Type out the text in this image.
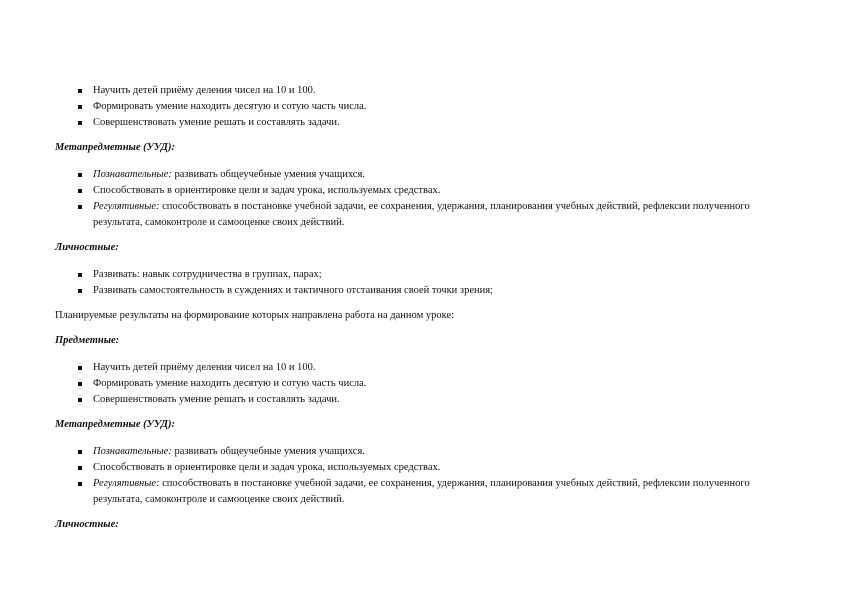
Научить детей приёму деления чисел на 10 и 100.
Формировать умение находить десятую и сотую часть числа.
Совершенствовать умение решать и составлять задачи.

Метапредметные (УУД):

Познавательные: развивать общеучебные умения учащихся.
Способствовать в ориентировке цели и задач урока, используемых средствах.
Регулятивные: способствовать в постановке учебной задачи, ее сохранения, удержания, планирования учебных действий, рефлексии полученного результата, самоконтроле и самооценке своих действий.

Личностные:

Развивать: навык сотрудничества в группах, парах;
Развивать самостоятельность в суждениях и тактичного отстаивания своей точки зрения;

Планируемые результаты на формирование которых направлена работа на данном уроке:

Предметные:

Научить детей приёму деления чисел на 10 и 100.
Формировать умение находить десятую и сотую часть числа.
Совершенствовать умение решать и составлять задачи.

Метапредметные (УУД):

Познавательные: развивать общеучебные умения учащихся.
Способствовать в ориентировке цели и задач урока, используемых средствах.
Регулятивные: способствовать в постановке учебной задачи, ее сохранения, удержания, планирования учебных действий, рефлексии полученного результата, самоконтроле и самооценке своих действий.

Личностные:
